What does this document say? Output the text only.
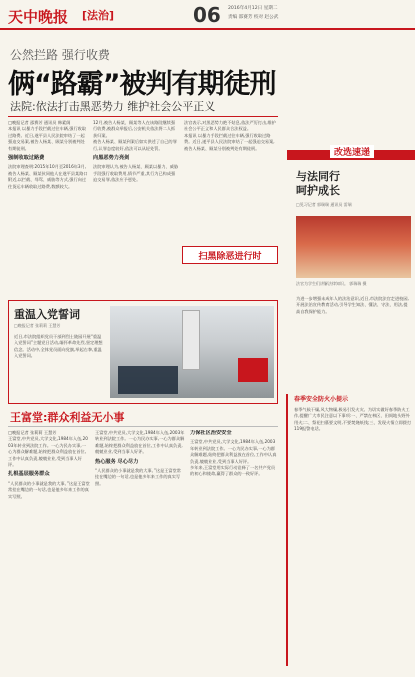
天中晚报 [法治]	06 2016年4月12日 星期二
责编 邵赛芳 校对 赵公武
公然拦路 强行收费
俩“路霸”被判有期徒刑
法院:依法打击黑恶势力 维护社会公平正义
□晚报记者 邵赛芳 通讯员 韩素阁
本报讯 以暴力手段拦截过往车辆,强行收取过路费。近日,遂平县人民法院审结了一起强迫交易案,被告人杨某、顾某分别被判处有期徒刑。
强制收取过路费
法院审理查明:2015年10月至2016年3月,被告人杨某、顾某伙同他人在遂平县某路口附近,以拦截、辱骂、威胁等方式,强行向过往货运车辆收取过路费,数额较大。
12月,被告人杨某、顾某等人在该路段继续强行收费,被群众举报后,公安机关依法将二人抓获归案。
被告人杨某、顾某到案后如实供述了自己的罪行,认罪态度较好,依法可以从轻处罚。
向黑恶势力亮剑
法院审理认为,被告人杨某、顾某以暴力、威胁手段强行收取费用,情节严重,其行为已构成强迫交易罪,依法应予惩处。
法官表示,对黑恶势力绝不姑息,依法严厉打击,维护社会公平正义和人民群众合法权益。
本报讯 以暴力手段拦截过往车辆,强行收取过路费。近日,遂平县人民法院审结了一起强迫交易案,被告人杨某、顾某分别被判处有期徒刑。
扫黑除恶进行时
改选速递
与法同行
呵护成长
□见习记者 郭瑞瑞 通讯员 雷瑞
法官为学生们讲解法律知识。 郭瑞瑞 摄
为进一步增强未成年人的法治意识,近日,市法院法官走进校园,开展法治宣传教育活动,引导学生知法、懂法、守法、用法,提高自我保护能力。
重温入党誓词
□晚报记者 张莉莉 王慧芳
近日,市法院组织党员干部到烈士陵园开展“重温入党誓词”主题党日活动,缅怀革命先烈,坚定理想信念。活动中,全体党员面向党旗,举起右拳,重温入党誓词。
王富堂:群众利益无小事
□晚报记者 张莉莉 王慧芳
王富堂,中共党员,大学文化,1984年入伍,2003年转业到法院工作。一心为民办实事,一心为群众解难题,始终把群众利益放在首位,工作中认真负责,兢兢业业,受到当事人好评。
扎根基层服务群众
“人民群众的小事就是我的大事。”这是王富堂常挂在嘴边的一句话,也是他多年来工作的真实写照。
王富堂,中共党员,大学文化,1984年入伍,2003年转业到法院工作。一心为民办实事,一心为群众解难题,始终把群众利益放在首位,工作中认真负责,兢兢业业,受到当事人好评。
热心服务 尽心尽力
“人民群众的小事就是我的大事。”这是王富堂常挂在嘴边的一句话,也是他多年来工作的真实写照。
力保社区治安安全
王富堂,中共党员,大学文化,1984年入伍,2003年转业到法院工作。一心为民办实事,一心为群众解难题,始终把群众利益放在首位,工作中认真负责,兢兢业业,受到当事人好评。
多年来,王富堂用实际行动诠释了一名共产党员的初心和使命,赢得了群众的一致好评。
春季安全防火小提示
春季气候干燥,风大物燥,极易引发火灾。为切实做好春季防火工作,提醒广大市民注意以下事项:一、严禁在林区、田间地头野外用火;二、祭祀扫墓要文明,不要焚烧纸钱;三、发现火情立即拨打119报警电话。
